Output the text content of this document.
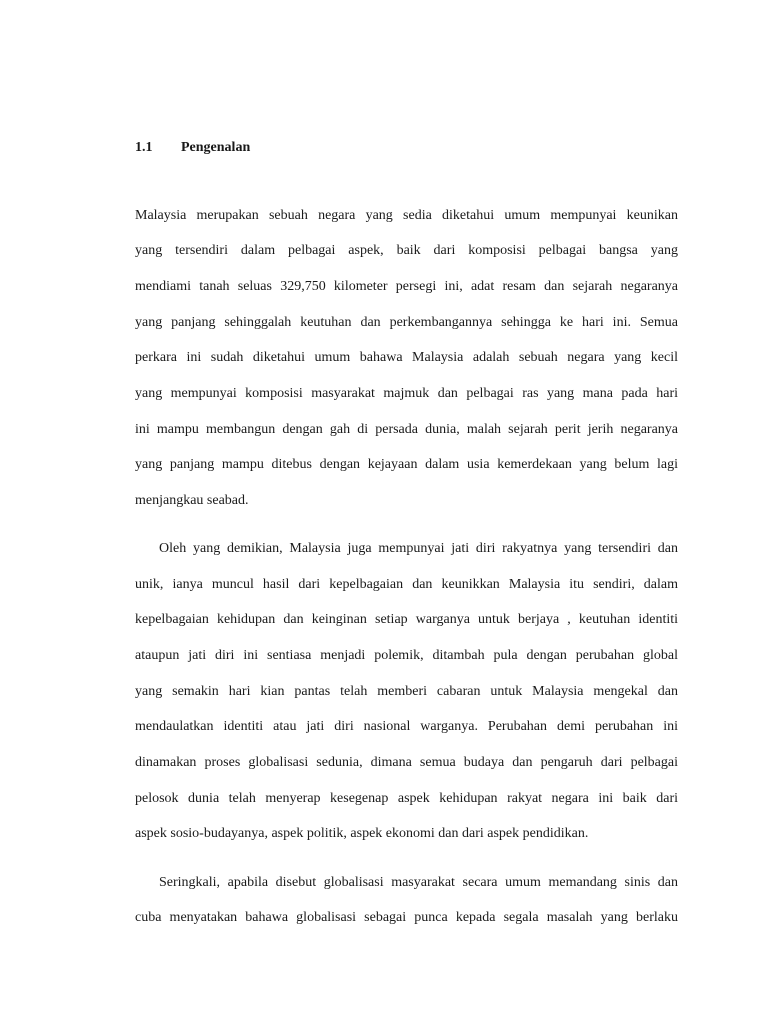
1.1 Pengenalan
Malaysia merupakan sebuah negara yang sedia diketahui umum mempunyai keunikan
yang tersendiri dalam pelbagai aspek, baik dari komposisi pelbagai bangsa yang
mendiami tanah seluas 329,750 kilometer persegi ini, adat resam dan sejarah negaranya
yang panjang sehinggalah keutuhan dan perkembangannya sehingga ke hari ini. Semua
perkara ini sudah diketahui umum bahawa Malaysia adalah sebuah negara yang kecil
yang mempunyai komposisi masyarakat majmuk dan pelbagai ras yang mana pada hari
ini mampu membangun dengan gah di persada dunia, malah sejarah perit jerih negaranya
yang panjang mampu ditebus dengan kejayaan dalam usia kemerdekaan yang belum lagi
menjangkau seabad.
Oleh yang demikian, Malaysia juga mempunyai jati diri rakyatnya yang tersendiri dan
unik, ianya muncul hasil dari kepelbagaian dan keunikkan Malaysia itu sendiri, dalam
kepelbagaian kehidupan dan keinginan setiap warganya untuk berjaya , keutuhan identiti
ataupun jati diri ini sentiasa menjadi polemik, ditambah pula dengan perubahan global
yang semakin hari kian pantas telah memberi cabaran untuk Malaysia mengekal dan
mendaulatkan identiti atau jati diri nasional warganya. Perubahan demi perubahan ini
dinamakan proses globalisasi sedunia, dimana semua budaya dan pengaruh dari pelbagai
pelosok dunia telah menyerap kesegenap aspek kehidupan rakyat negara ini baik dari
aspek sosio-budayanya, aspek politik, aspek ekonomi dan dari aspek pendidikan.
Seringkali, apabila disebut globalisasi masyarakat secara umum memandang sinis dan
cuba menyatakan bahawa globalisasi sebagai punca kepada segala masalah yang berlaku
